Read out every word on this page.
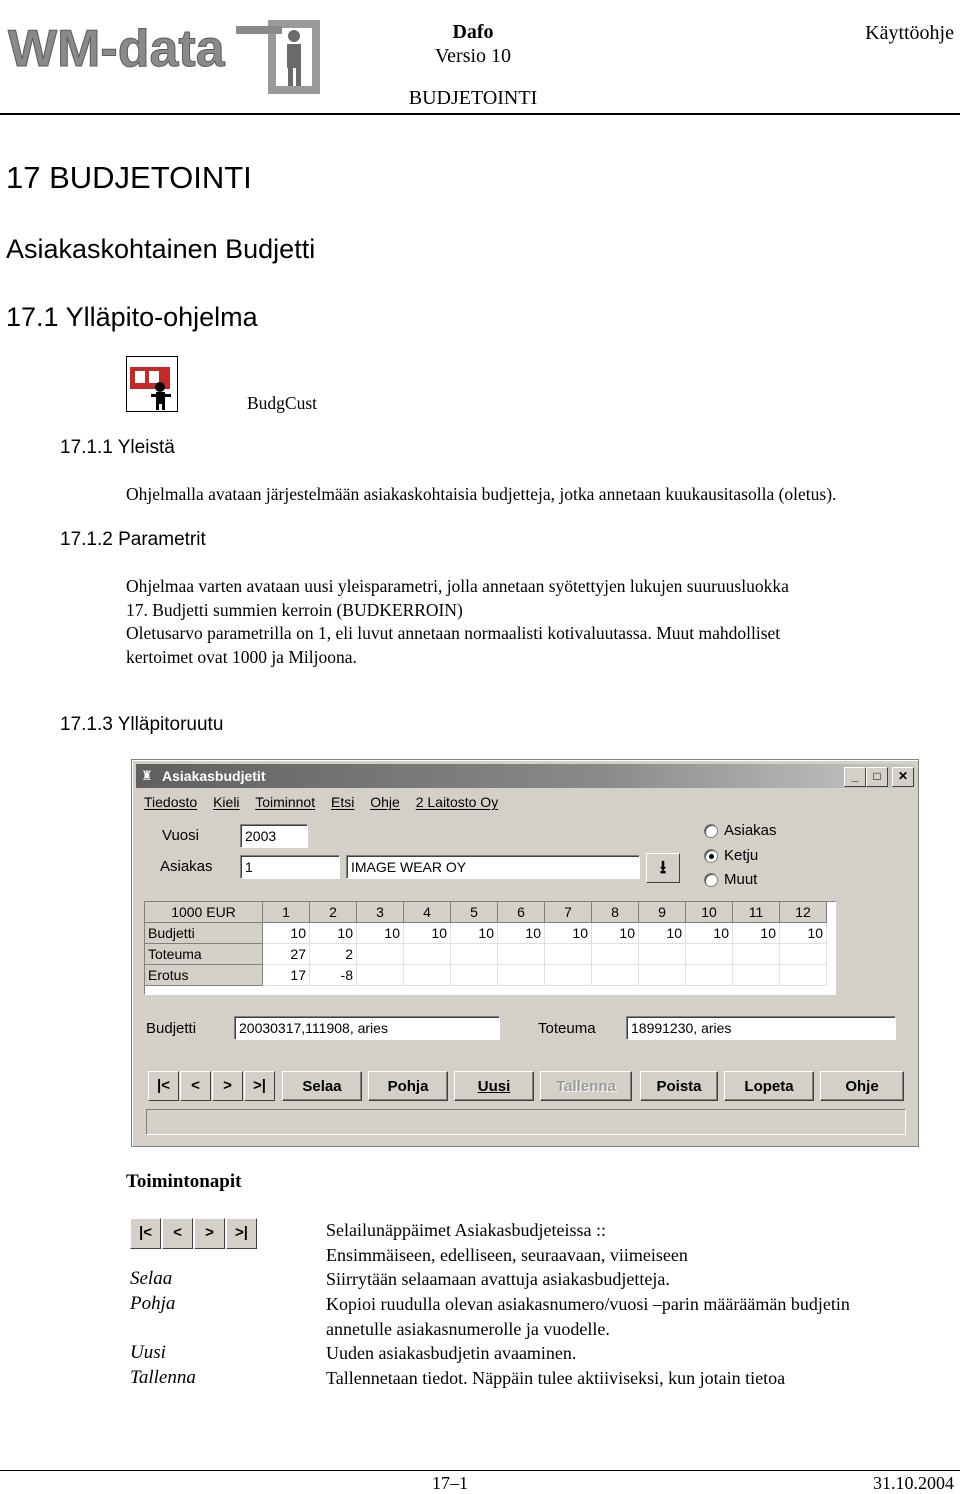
WM-data	Dafo
Versio 10
BUDJETOINTI
Käyttöohje
17 BUDJETOINTI
Asiakaskohtainen Budjetti
17.1 Ylläpito-ohjelma
BudgCust
17.1.1 Yleistä
Ohjelmalla avataan järjestelmään asiakaskohtaisia budjetteja, jotka annetaan kuukausitasolla (oletus).
17.1.2 Parametrit
Ohjelmaa varten avataan uusi yleisparametri, jolla annetaan syötettyjen lukujen suuruusluokka
17. Budjetti summien kerroin (BUDKERROIN)
Oletusarvo parametrilla on 1, eli luvut annetaan normaalisti kotivaluutassa. Muut mahdolliset
kertoimet ovat 1000 ja Miljoona.
17.1.3 Ylläpitoruutu
♜ Asiakasbudjetit	_	□	✕
Tiedosto Kieli Toiminnot Etsi Ohje 2 Laitosto Oy
Vuosi	2003
Asiakas	1	IMAGE WEAR OY	⭳
Asiakas
Ketju
Muut
1000 EUR	1	2	3	4	5	6	7	8	9	10	11	12
Budjetti	10	10	10	10	10	10	10	10	10	10	10	10
Toteuma	27	2
Erotus	17	-8
Budjetti	20030317,111908, aries	Toteuma	18991230, aries
|<	<	>	>|	Selaa	Pohja	Uusi	Tallenna	Poista	Lopeta	Ohje
Toimintonapit
|<	<	>	>|	Selailunäppäimet Asiakasbudjeteissa ::
Ensimmäiseen, edelliseen, seuraavaan, viimeiseen
Selaa	Siirrytään selaamaan avattuja asiakasbudjetteja.
Pohja	Kopioi ruudulla olevan asiakasnumero/vuosi –parin määräämän budjetin
annetulle asiakasnumerolle ja vuodelle.
Uusi	Uuden asiakasbudjetin avaaminen.
Tallenna	Tallennetaan tiedot. Näppäin tulee aktiiviseksi, kun jotain tietoa
17–1	31.10.2004
